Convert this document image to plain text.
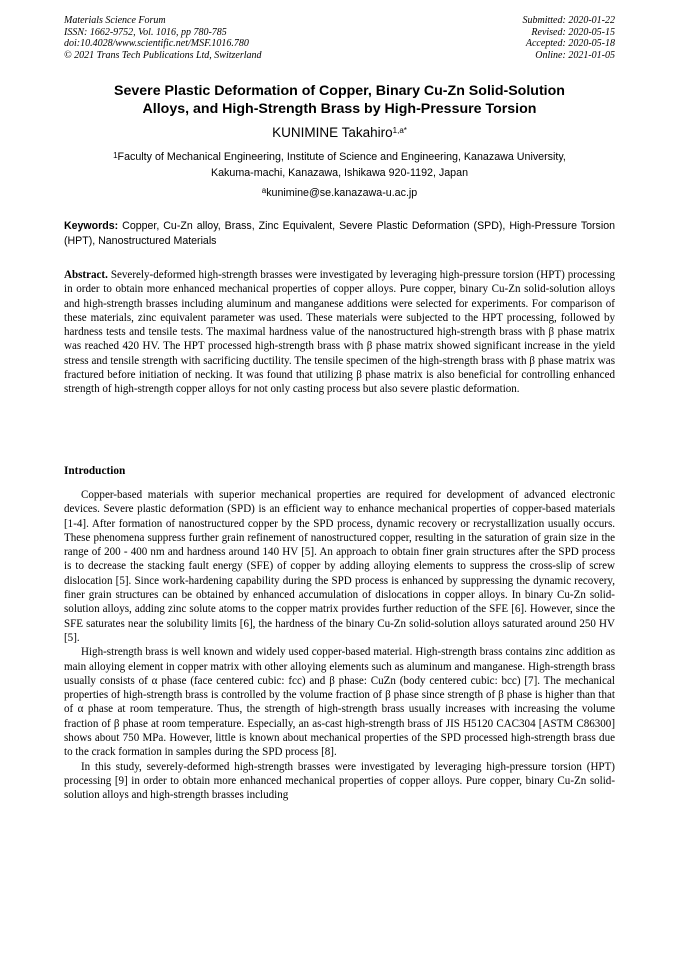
Materials Science Forum
ISSN: 1662-9752, Vol. 1016, pp 780-785
doi:10.4028/www.scientific.net/MSF.1016.780
© 2021 Trans Tech Publications Ltd, Switzerland
Submitted: 2020-01-22
Revised: 2020-05-15
Accepted: 2020-05-18
Online: 2021-01-05
Severe Plastic Deformation of Copper, Binary Cu-Zn Solid-Solution
Alloys, and High-Strength Brass by High-Pressure Torsion
KUNIMINE Takahiro$^{1,a*}$
$^1$Faculty of Mechanical Engineering, Institute of Science and Engineering, Kanazawa University,
Kakuma-machi, Kanazawa, Ishikawa 920-1192, Japan
$^a$kunimine@se.kanazawa-u.ac.jp
Keywords: Copper, Cu-Zn alloy, Brass, Zinc Equivalent, Severe Plastic Deformation (SPD), High-Pressure Torsion (HPT), Nanostructured Materials

Abstract. Severely-deformed high-strength brasses were investigated by leveraging high-pressure torsion (HPT) processing in order to obtain more enhanced mechanical properties of copper alloys. Pure copper, binary Cu-Zn solid-solution alloys and high-strength brasses including aluminum and manganese additions were selected for experiments. For comparison of these materials, zinc equivalent parameter was used. These materials were subjected to the HPT processing, followed by hardness tests and tensile tests. The maximal hardness value of the nanostructured high-strength brass with β phase matrix was reached 420 HV. The HPT processed high-strength brass with β phase matrix showed significant increase in the yield stress and tensile strength with sacrificing ductility. The tensile specimen of the high-strength brass with β phase matrix was fractured before initiation of necking. It was found that utilizing β phase matrix is also beneficial for controlling enhanced strength of high-strength copper alloys for not only casting process but also severe plastic deformation.

Introduction

Copper-based materials with superior mechanical properties are required for development of advanced electronic devices. Severe plastic deformation (SPD) is an efficient way to enhance mechanical properties of copper-based materials [1-4]. After formation of nanostructured copper by the SPD process, dynamic recovery or recrystallization usually occurs. These phenomena suppress further grain refinement of nanostructured copper, resulting in the saturation of grain size in the range of 200 - 400 nm and hardness around 140 HV [5]. An approach to obtain finer grain structures after the SPD process is to decrease the stacking fault energy (SFE) of copper by adding alloying elements to suppress the cross-slip of screw dislocation [5]. Since work-hardening capability during the SPD process is enhanced by suppressing the dynamic recovery, finer grain structures can be obtained by enhanced accumulation of dislocations in copper alloys. In binary Cu-Zn solid-solution alloys, adding zinc solute atoms to the copper matrix provides further reduction of the SFE [6]. However, since the SFE saturates near the solubility limits [6], the hardness of the binary Cu-Zn solid-solution alloys saturated around 250 HV [5].

High-strength brass is well known and widely used copper-based material. High-strength brass contains zinc addition as main alloying element in copper matrix with other alloying elements such as aluminum and manganese. High-strength brass usually consists of α phase (face centered cubic: fcc) and β phase: CuZn (body centered cubic: bcc) [7]. The mechanical properties of high-strength brass is controlled by the volume fraction of β phase since strength of β phase is higher than that of α phase at room temperature. Thus, the strength of high-strength brass usually increases with increasing the volume fraction of β phase at room temperature. Especially, an as-cast high-strength brass of JIS H5120 CAC304 [ASTM C86300] shows about 750 MPa. However, little is known about mechanical properties of the SPD processed high-strength brass due to the crack formation in samples during the SPD process [8].

In this study, severely-deformed high-strength brasses were investigated by leveraging high-pressure torsion (HPT) processing [9] in order to obtain more enhanced mechanical properties of copper alloys. Pure copper, binary Cu-Zn solid-solution alloys and high-strength brasses including
